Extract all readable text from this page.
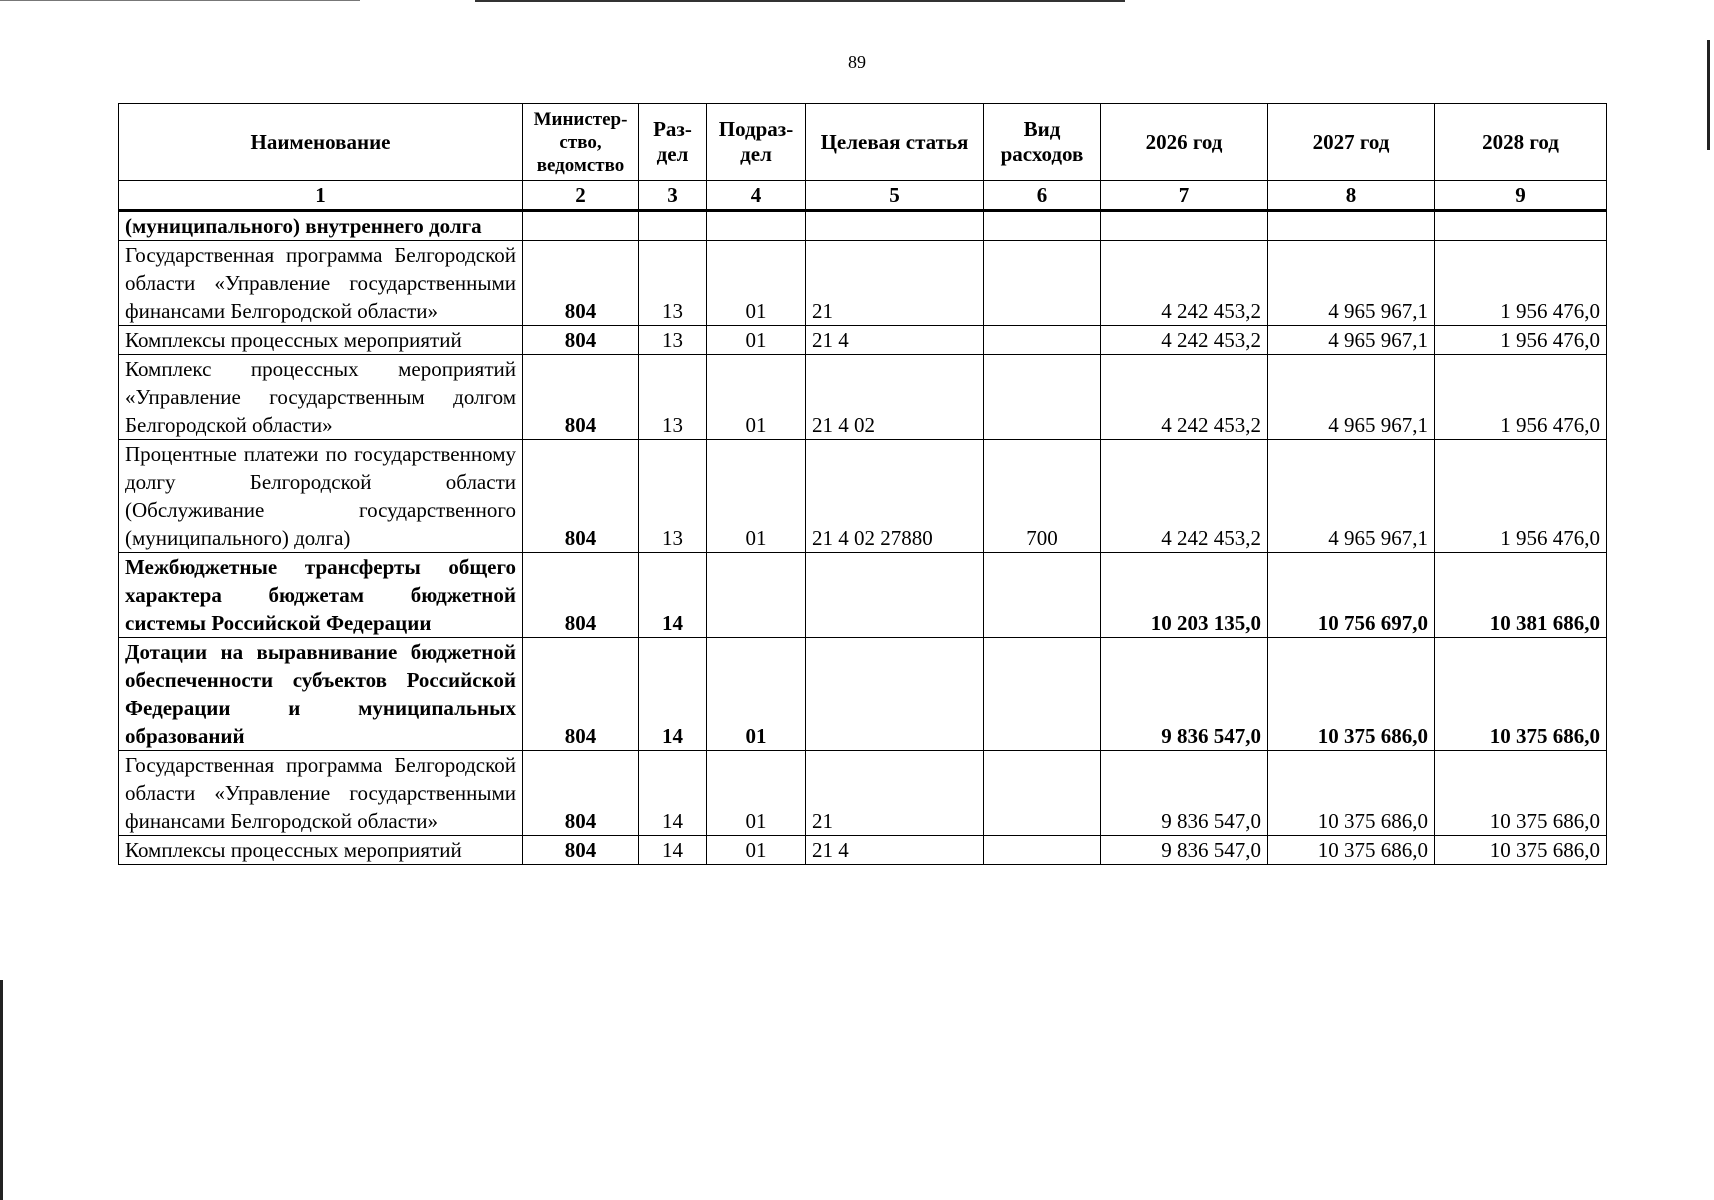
89
Наименование	Министер-ство, ведомство	Раз-дел	Подраз-дел	Целевая статья	Вид расходов	2026 год	2027 год	2028 год
1	2	3	4	5	6	7	8	9
(муниципального) внутреннего долга								
Государственная программа Белгородской области «Управление государственными финансами Белгородской области»	804	13	01	21		4 242 453,2	4 965 967,1	1 956 476,0
Комплексы процессных мероприятий	804	13	01	21 4		4 242 453,2	4 965 967,1	1 956 476,0
Комплекс процессных мероприятий «Управление государственным долгом Белгородской области»	804	13	01	21 4 02		4 242 453,2	4 965 967,1	1 956 476,0
Процентные платежи по государственному долгу Белгородской области (Обслуживание государственного (муниципального) долга)	804	13	01	21 4 02 27880	700	4 242 453,2	4 965 967,1	1 956 476,0
Межбюджетные трансферты общего характера бюджетам бюджетной системы Российской Федерации	804	14				10 203 135,0	10 756 697,0	10 381 686,0
Дотации на выравнивание бюджетной обеспеченности субъектов Российской Федерации и муниципальных образований	804	14	01			9 836 547,0	10 375 686,0	10 375 686,0
Государственная программа Белгородской области «Управление государственными финансами Белгородской области»	804	14	01	21		9 836 547,0	10 375 686,0	10 375 686,0
Комплексы процессных мероприятий	804	14	01	21 4		9 836 547,0	10 375 686,0	10 375 686,0
